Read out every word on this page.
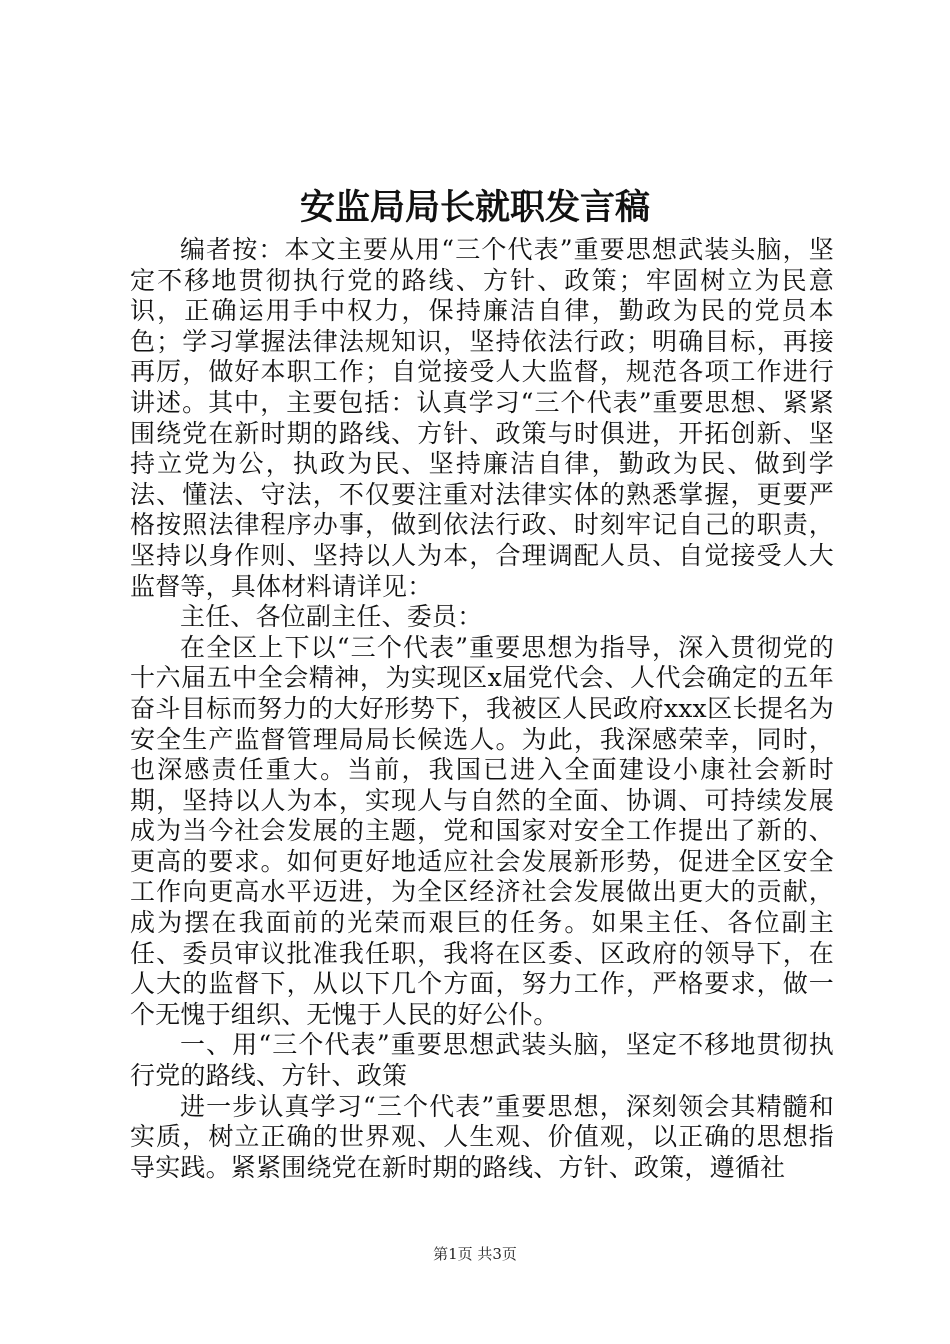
安监局局长就职发言稿

编者按：本文主要从用“三个代表”重要思想武装头脑，坚定不移地贯彻执行党的路线、方针、政策；牢固树立为民意识，正确运用手中权力，保持廉洁自律，勤政为民的党员本色；学习掌握法律法规知识，坚持依法行政；明确目标，再接再厉，做好本职工作；自觉接受人大监督，规范各项工作进行讲述。其中，主要包括：认真学习“三个代表”重要思想、紧紧围绕党在新时期的路线、方针、政策与时俱进，开拓创新、坚持立党为公，执政为民、坚持廉洁自律，勤政为民、做到学法、懂法、守法，不仅要注重对法律实体的熟悉掌握，更要严格按照法律程序办事，做到依法行政、时刻牢记自己的职责，坚持以身作则、坚持以人为本，合理调配人员、自觉接受人大监督等，具体材料请详见：

主任、各位副主任、委员：

在全区上下以“三个代表”重要思想为指导，深入贯彻党的十六届五中全会精神，为实现区x届党代会、人代会确定的五年奋斗目标而努力的大好形势下，我被区人民政府xxx区长提名为安全生产监督管理局局长候选人。为此，我深感荣幸，同时，也深感责任重大。当前，我国已进入全面建设小康社会新时期，坚持以人为本，实现人与自然的全面、协调、可持续发展成为当今社会发展的主题，党和国家对安全工作提出了新的、更高的要求。如何更好地适应社会发展新形势，促进全区安全工作向更高水平迈进，为全区经济社会发展做出更大的贡献，成为摆在我面前的光荣而艰巨的任务。如果主任、各位副主任、委员审议批准我任职，我将在区委、区政府的领导下，在人大的监督下，从以下几个方面，努力工作，严格要求，做一个无愧于组织、无愧于人民的好公仆。

一、用“三个代表”重要思想武装头脑，坚定不移地贯彻执行党的路线、方针、政策

进一步认真学习“三个代表”重要思想，深刻领会其精髓和实质，树立正确的世界观、人生观、价值观，以正确的思想指导实践。紧紧围绕党在新时期的路线、方针、政策，遵循社

第1页 共3页
